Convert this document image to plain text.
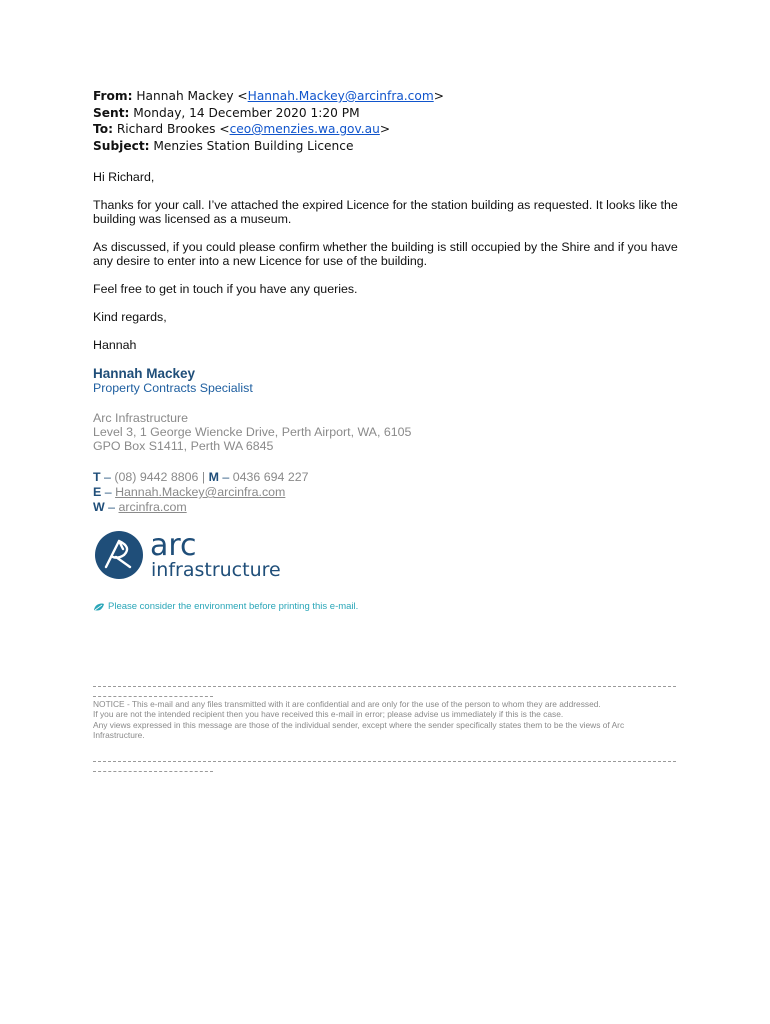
From: Hannah Mackey <Hannah.Mackey@arcinfra.com>
Sent: Monday, 14 December 2020 1:20 PM
To: Richard Brookes <ceo@menzies.wa.gov.au>
Subject: Menzies Station Building Licence

Hi Richard,

Thanks for your call. I’ve attached the expired Licence for the station building as requested. It looks like the building was licensed as a museum.

As discussed, if you could please confirm whether the building is still occupied by the Shire and if you have any desire to enter into a new Licence for use of the building.

Feel free to get in touch if you have any queries.

Kind regards,

Hannah

Hannah Mackey
Property Contracts Specialist
Arc Infrastructure
Level 3, 1 George Wiencke Drive, Perth Airport, WA, 6105
GPO Box S1411, Perth WA 6845
T – (08) 9442 8806 | M – 0436 694 227
E – Hannah.Mackey@arcinfra.com
W – arcinfra.com
arc
infrastructure
Please consider the environment before printing this e-mail.

NOTICE - This e-mail and any files transmitted with it are confidential and are only for the use of the person to whom they are addressed.

If you are not the intended recipient then you have received this e-mail in error; please advise us immediately if this is the case.

Any views expressed in this message are those of the individual sender, except where the sender specifically states them to be the views of Arc Infrastructure.
